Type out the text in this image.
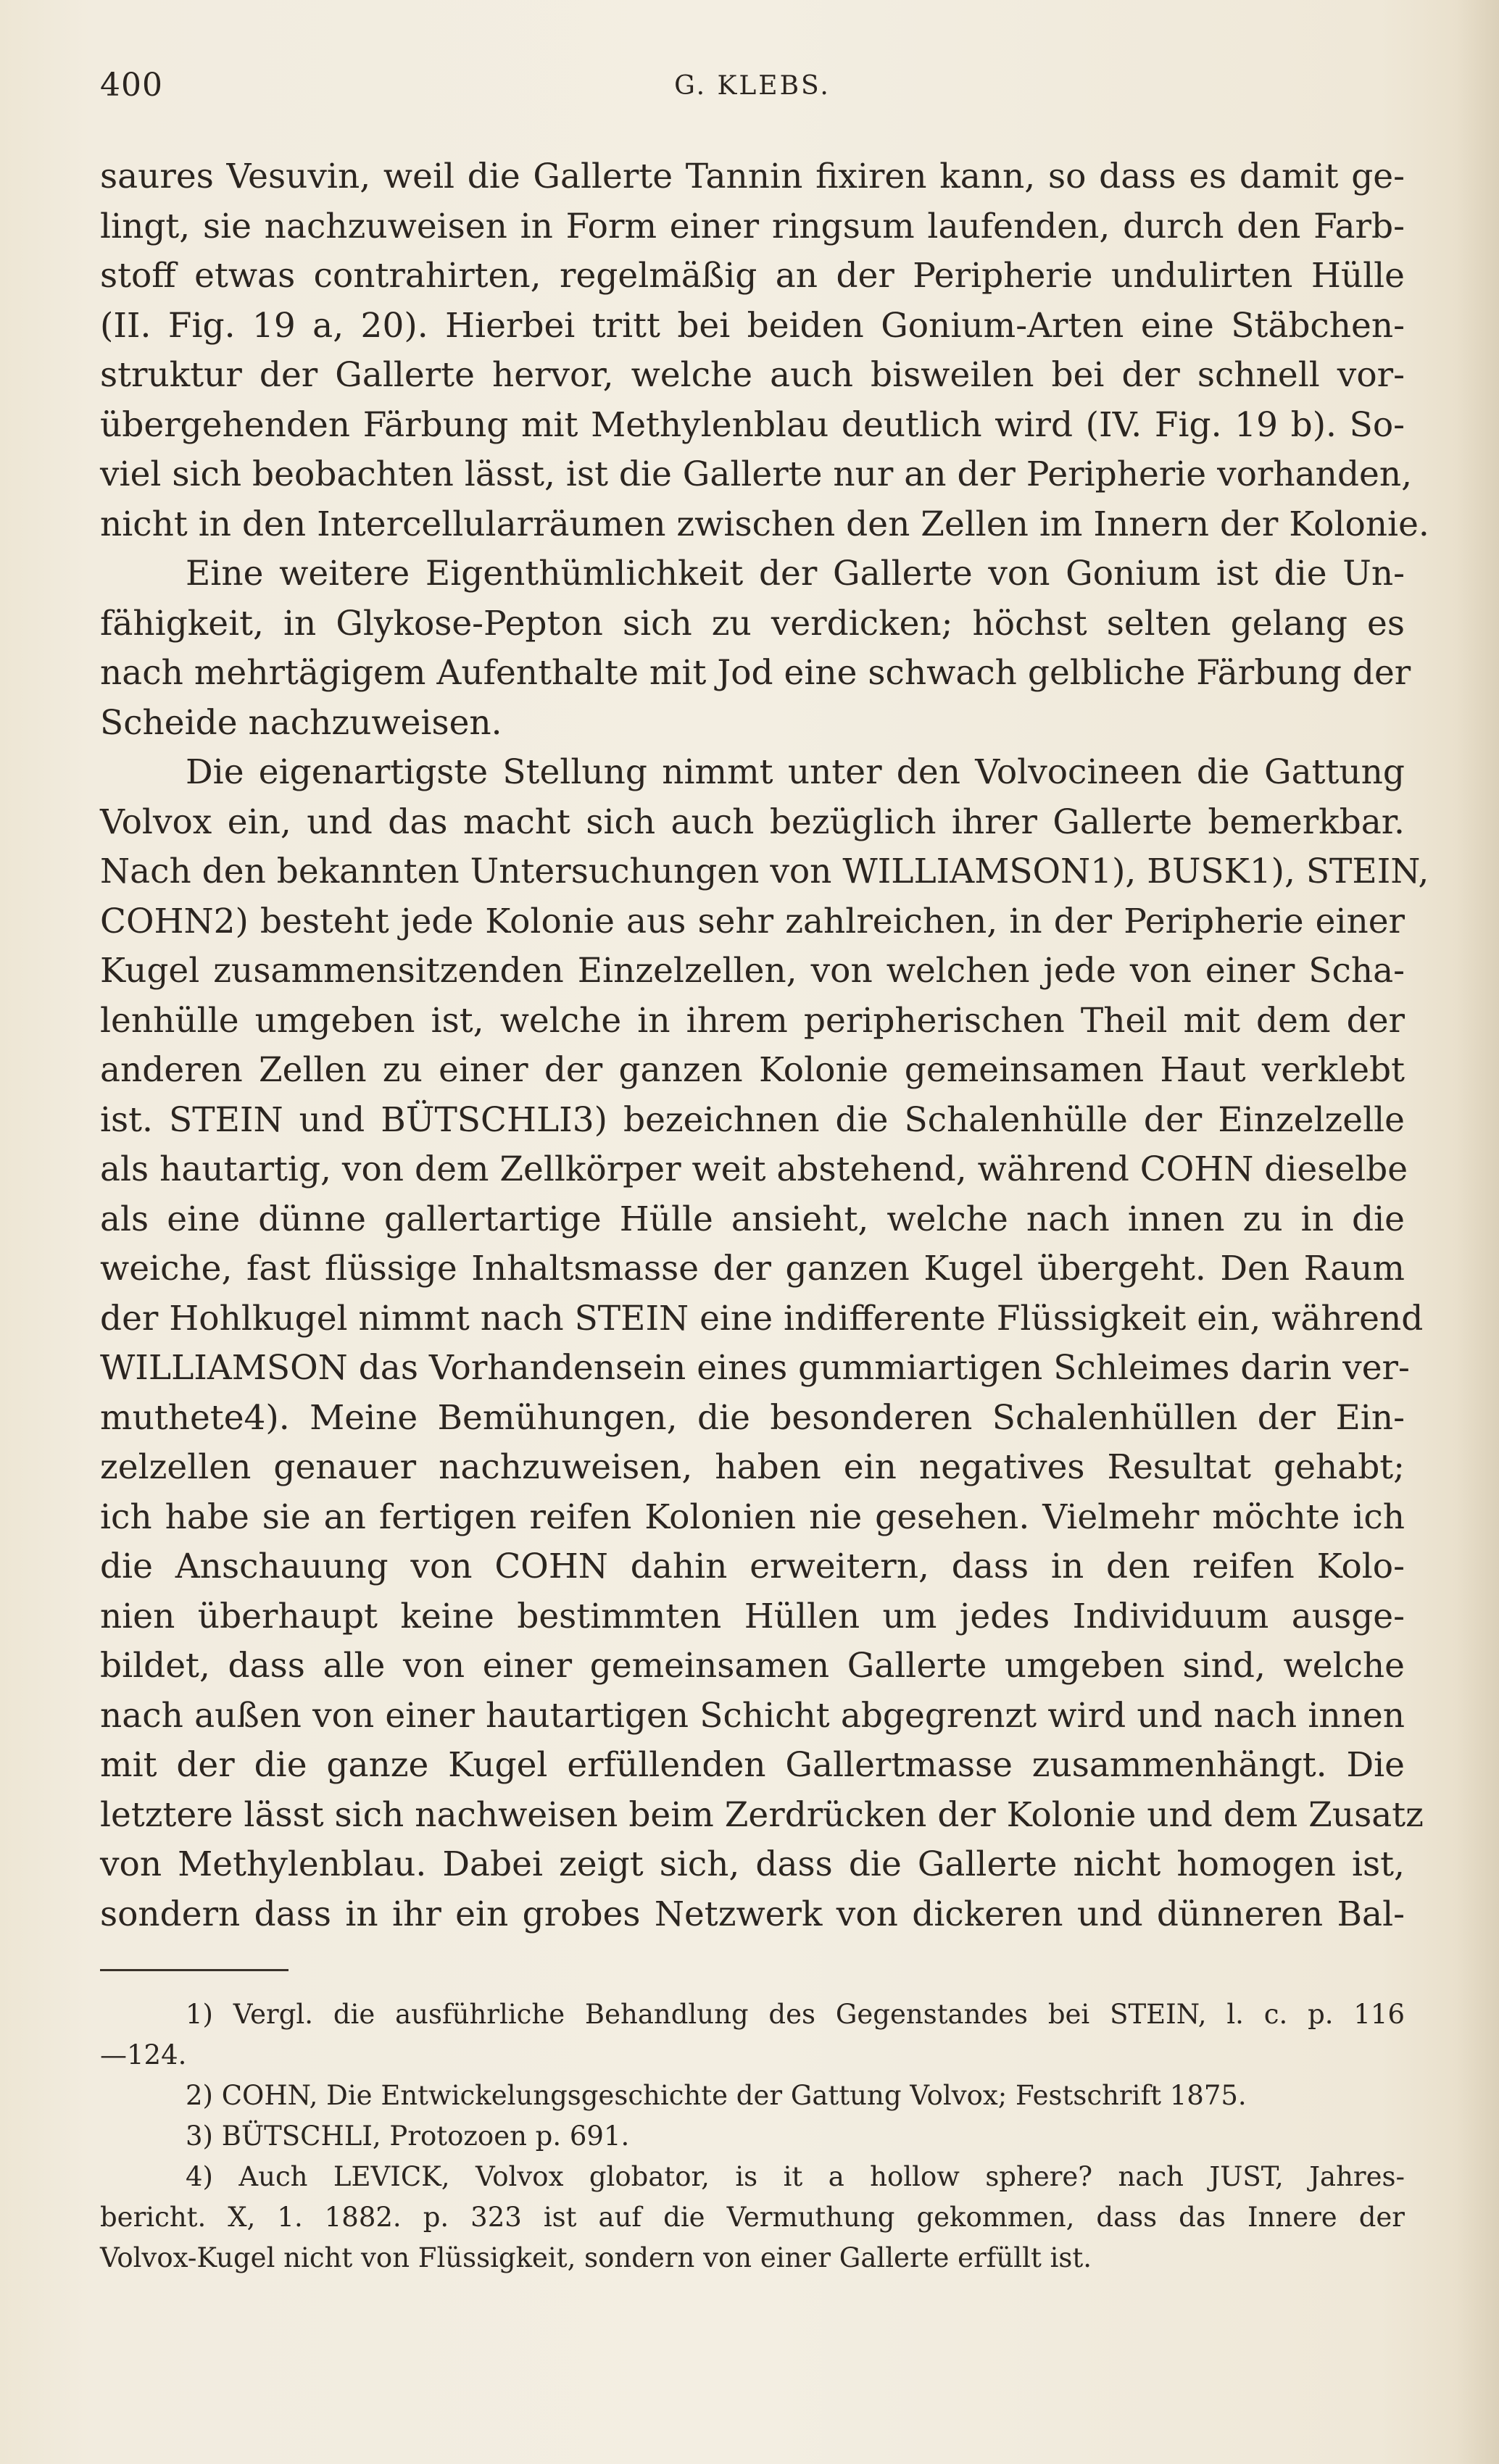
400	G. KLEBS.
saures Vesuvin, weil die Gallerte Tannin fixiren kann, so dass es damit ge-
lingt, sie nachzuweisen in Form einer ringsum laufenden, durch den Farb-
stoff etwas contrahirten, regelmäßig an der Peripherie undulirten Hülle
(II. Fig. 19 a, 20). Hierbei tritt bei beiden Gonium-Arten eine Stäbchen-
struktur der Gallerte hervor, welche auch bisweilen bei der schnell vor-
übergehenden Färbung mit Methylenblau deutlich wird (IV. Fig. 19 b). So-
viel sich beobachten lässt, ist die Gallerte nur an der Peripherie vorhanden,
nicht in den Intercellularräumen zwischen den Zellen im Innern der Kolonie.
Eine weitere Eigenthümlichkeit der Gallerte von Gonium ist die Un-
fähigkeit, in Glykose-Pepton sich zu verdicken; höchst selten gelang es
nach mehrtägigem Aufenthalte mit Jod eine schwach gelbliche Färbung der
Scheide nachzuweisen.
Die eigenartigste Stellung nimmt unter den Volvocineen die Gattung
Volvox ein, und das macht sich auch bezüglich ihrer Gallerte bemerkbar.
Nach den bekannten Untersuchungen von WILLIAMSON1), BUSK1), STEIN,
COHN2) besteht jede Kolonie aus sehr zahlreichen, in der Peripherie einer
Kugel zusammensitzenden Einzelzellen, von welchen jede von einer Scha-
lenhülle umgeben ist, welche in ihrem peripherischen Theil mit dem der
anderen Zellen zu einer der ganzen Kolonie gemeinsamen Haut verklebt
ist. STEIN und BÜTSCHLI3) bezeichnen die Schalenhülle der Einzelzelle
als hautartig, von dem Zellkörper weit abstehend, während COHN dieselbe
als eine dünne gallertartige Hülle ansieht, welche nach innen zu in die
weiche, fast flüssige Inhaltsmasse der ganzen Kugel übergeht. Den Raum
der Hohlkugel nimmt nach STEIN eine indifferente Flüssigkeit ein, während
WILLIAMSON das Vorhandensein eines gummiartigen Schleimes darin ver-
muthete4). Meine Bemühungen, die besonderen Schalenhüllen der Ein-
zelzellen genauer nachzuweisen, haben ein negatives Resultat gehabt;
ich habe sie an fertigen reifen Kolonien nie gesehen. Vielmehr möchte ich
die Anschauung von COHN dahin erweitern, dass in den reifen Kolo-
nien überhaupt keine bestimmten Hüllen um jedes Individuum ausge-
bildet, dass alle von einer gemeinsamen Gallerte umgeben sind, welche
nach außen von einer hautartigen Schicht abgegrenzt wird und nach innen
mit der die ganze Kugel erfüllenden Gallertmasse zusammenhängt. Die
letztere lässt sich nachweisen beim Zerdrücken der Kolonie und dem Zusatz
von Methylenblau. Dabei zeigt sich, dass die Gallerte nicht homogen ist,
sondern dass in ihr ein grobes Netzwerk von dickeren und dünneren Bal-
1) Vergl. die ausführliche Behandlung des Gegenstandes bei STEIN, l. c. p. 116
—124.
2) COHN, Die Entwickelungsgeschichte der Gattung Volvox; Festschrift 1875.
3) BÜTSCHLI, Protozoen p. 691.
4) Auch LEVICK, Volvox globator, is it a hollow sphere? nach JUST, Jahres-
bericht. X, 1. 1882. p. 323 ist auf die Vermuthung gekommen, dass das Innere der
Volvox-Kugel nicht von Flüssigkeit, sondern von einer Gallerte erfüllt ist.
